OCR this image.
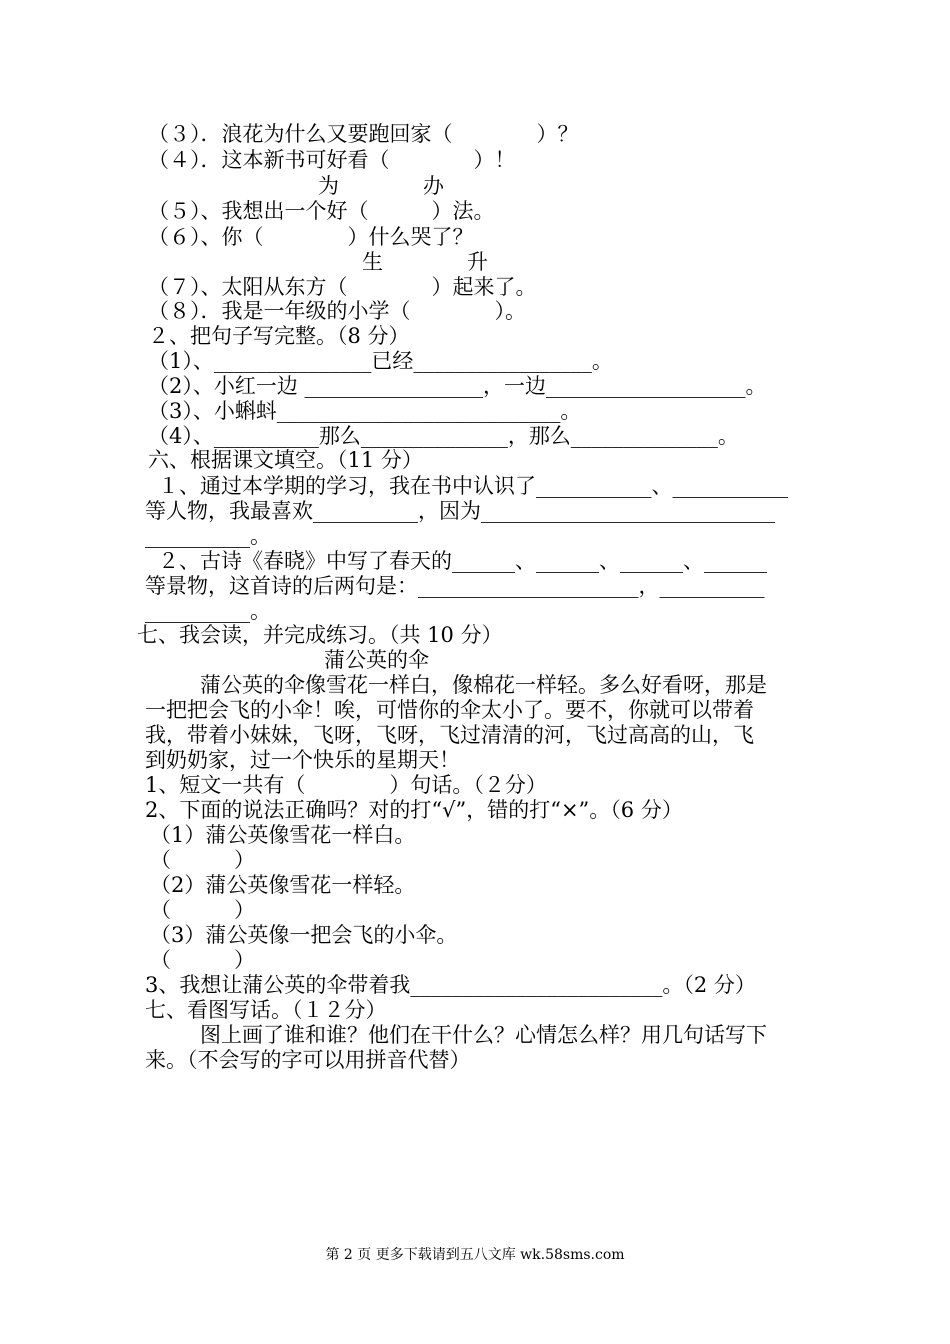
（３）．浪花为什么又要跑回家（　　　　）？
（４）．这本新书可好看（　　　　）！
为　　　　办
（５）、我想出一个好（　　　）法。
（６）、你（　　　　）什么哭了？
生　　　　升
（７）、太阳从东方（　　　　）起来了。
（８）．我是一年级的小学（　　　　）。
２、把句子写完整。（8 分）
（1）、_______________已经_________________。
（2）、小红一边 _________________，一边___________________。
（3）、小蝌蚪___________________________。
（4）、__________那么______________，那么______________。
六、根据课文填空。（11 分）
１、通过本学期的学习，我在书中认识了___________、___________
等人物，我最喜欢__________，因为____________________________
__________。
２、古诗《春晓》中写了春天的______、______、______、______
等景物，这首诗的后两句是：_____________________，__________
__________。
七、我会读，并完成练习。（共 10 分）
蒲公英的伞
蒲公英的伞像雪花一样白，像棉花一样轻。多么好看呀，那是
一把把会飞的小伞！唉，可惜你的伞太小了。要不，你就可以带着
我，带着小妹妹，飞呀，飞呀，飞过清清的河，飞过高高的山，飞
到奶奶家，过一个快乐的星期天！
1、短文一共有（　　　　）句话。（２分）
2、下面的说法正确吗？对的打“√”，错的打“×”。（6 分）
（1）蒲公英像雪花一样白。
（　　　）
（2）蒲公英像雪花一样轻。
（　　　）
（3）蒲公英像一把会飞的小伞。
（　　　）
3、我想让蒲公英的伞带着我________________________。（2 分）
七、看图写话。（１２分）
图上画了谁和谁？他们在干什么？心情怎么样？用几句话写下
来。（不会写的字可以用拼音代替）
第 2 页 更多下载请到五八文库 wk.58sms.com
